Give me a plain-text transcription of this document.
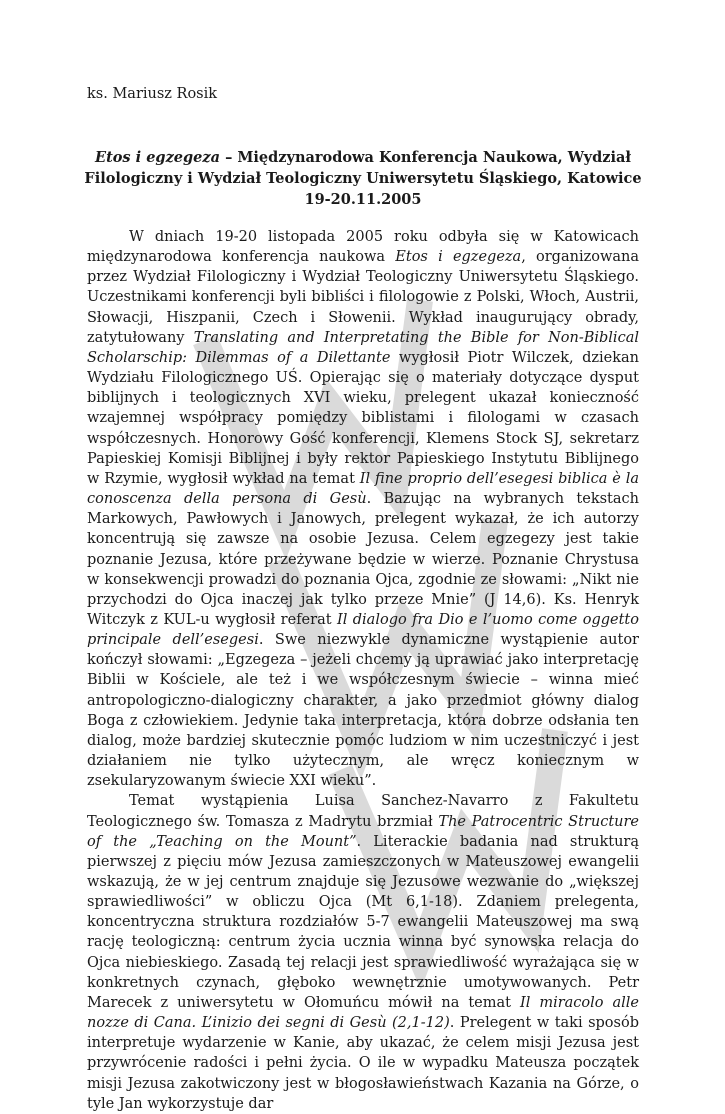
ks. Mariusz Rosik
Etos i egzegeza – Międzynarodowa Konferencja Naukowa, Wydział Filologiczny i Wydział Teologiczny Uniwersytetu Śląskiego, Katowice 19-20.11.2005

W dniach 19-20 listopada 2005 roku odbyła się w Katowicach międzynarodowa konferencja naukowa Etos i egzegeza, organizowana przez Wydział Filologiczny i Wydział Teologiczny Uniwersytetu Śląskiego. Uczestnikami konferencji byli bibliści i filologowie z Polski, Włoch, Austrii, Słowacji, Hiszpanii, Czech i Słowenii. Wykład inaugurujący obrady, zatytułowany Translating and Interpretating the Bible for Non-Biblical Scholarschip: Dilemmas of a Dilettante wygłosił Piotr Wilczek, dziekan Wydziału Filologicznego UŚ. Opierając się o materiały dotyczące dysput biblijnych i teologicznych XVI wieku, prelegent ukazał konieczność wzajemnej współpracy pomiędzy biblistami i filologami w czasach współczesnych. Honorowy Gość konferencji, Klemens Stock SJ, sekretarz Papieskiej Komisji Biblijnej i były rektor Papieskiego Instytutu Biblijnego w Rzymie, wygłosił wykład na temat Il fine proprio dell’esegesi biblica è la conoscenza della persona di Gesù. Bazując na wybranych tekstach Markowych, Pawłowych i Janowych, prelegent wykazał, że ich autorzy koncentrują się zawsze na osobie Jezusa. Celem egzegezy jest takie poznanie Jezusa, które przeżywane będzie w wierze. Poznanie Chrystusa w konsekwencji prowadzi do poznania Ojca, zgodnie ze słowami: „Nikt nie przychodzi do Ojca inaczej jak tylko przeze Mnie” (J 14,6). Ks. Henryk Witczyk z KUL-u wygłosił referat Il dialogo fra Dio e l’uomo come oggetto principale dell’esegesi. Swe niezwykle dynamiczne wystąpienie autor kończył słowami: „Egzegeza – jeżeli chcemy ją uprawiać jako interpretację Biblii w Kościele, ale też i we współczesnym świecie – winna mieć antropologiczno-dialogiczny charakter, a jako przedmiot główny dialog Boga z człowiekiem. Jedynie taka interpretacja, która dobrze odsłania ten dialog, może bardziej skutecznie pomóc ludziom w nim uczestniczyć i jest działaniem nie tylko użytecznym, ale wręcz koniecznym w zsekularyzowanym świecie XXI wieku”.

Temat wystąpienia Luisa Sanchez-Navarro z Fakultetu Teologicznego św. Tomasza z Madrytu brzmiał The Patrocentric Structure of the „Teaching on the Mount”. Literackie badania nad strukturą pierwszej z pięciu mów Jezusa zamieszczonych w Mateuszowej ewangelii wskazują, że w jej centrum znajduje się Jezusowe wezwanie do „większej sprawiedliwości” w obliczu Ojca (Mt 6,1-18). Zdaniem prelegenta, koncentryczna struktura rozdziałów 5-7 ewangelii Mateuszowej ma swą rację teologiczną: centrum życia ucznia winna być synowska relacja do Ojca niebieskiego. Zasadą tej relacji jest sprawiedliwość wyrażająca się w konkretnych czynach, głęboko wewnętrznie umotywowanych. Petr Marecek z uniwersytetu w Ołomuńcu mówił na temat Il miracolo alle nozze di Cana. L’inizio dei segni di Gesù (2,1-12). Prelegent w taki sposób interpretuje wydarzenie w Kanie, aby ukazać, że celem misji Jezusa jest przywrócenie radości i pełni życia. O ile w wypadku Mateusza początek misji Jezusa zakotwiczony jest w błogosławieństwach Kazania na Górze, o tyle Jan wykorzystuje dar
